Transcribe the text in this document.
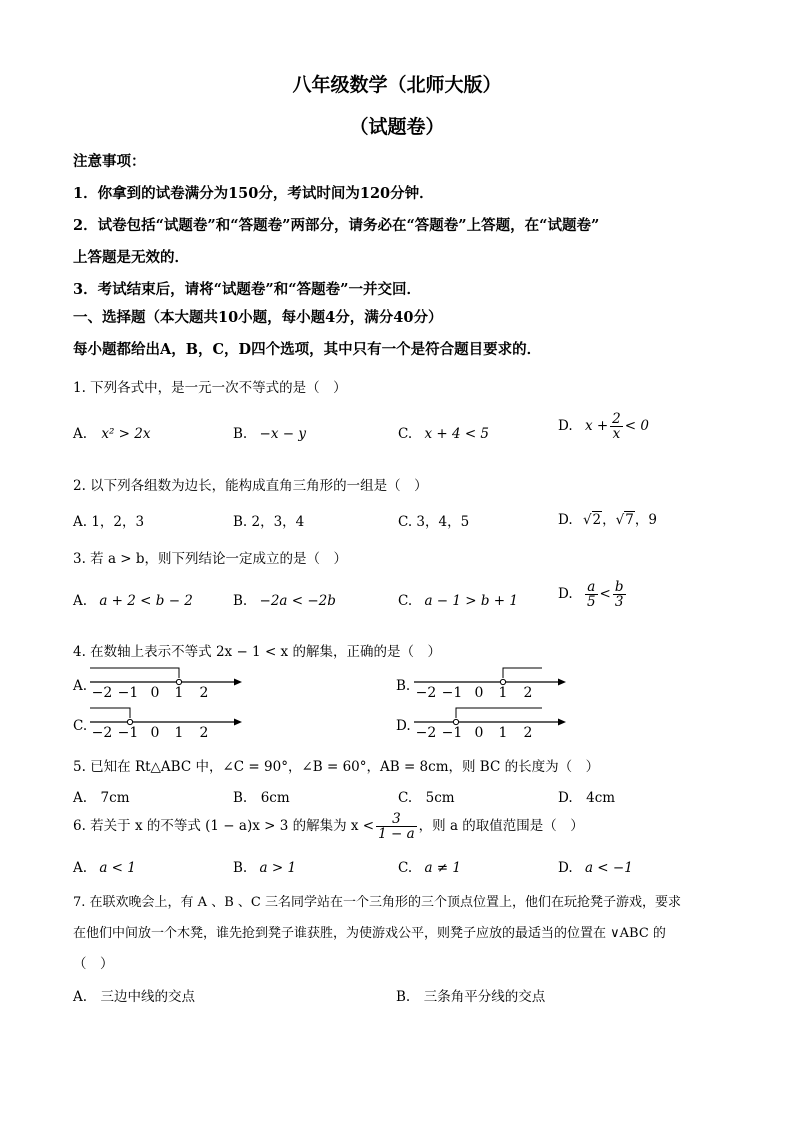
八年级数学（北师大版）
（试题卷）
注意事项：
1．你拿到的试卷满分为150分，考试时间为120分钟．
2．试卷包括“试题卷”和“答题卷”两部分，请务必在“答题卷”上答题，在“试题卷”
上答题是无效的．
3．考试结束后，请将“试题卷”和“答题卷”一并交回．
一、选择题（本大题共10小题，每小题4分，满分40分）
每小题都给出A，B，C，D四个选项，其中只有一个是符合题目要求的．
1. 下列各式中，是一元一次不等式的是（　）
A. x² > 2x	B. −x − y	C. x + 4 < 5	D. $x + \frac{2}{x} < 0$
2. 以下列各组数为边长，能构成直角三角形的一组是（　）
A. 1，2，3	B. 2，3，4	C. 3，4，5	D. √2，√7，9
3. 若 a > b，则下列结论一定成立的是（　）
A. a + 2 < b − 2	B. −2a < −2b	C. a − 1 > b + 1	D. $\frac{a}{5} < \frac{b}{3}$
4. 在数轴上表示不等式 2x − 1 < x 的解集，正确的是（　）
A. −2 −1 0 1 2	B. −2 −1 0 1 2
C. −2 −1 0 1 2	D. −2 −1 0 1 2
5. 已知在 Rt△ABC 中，∠C = 90°，∠B = 60°，AB = 8cm，则 BC 的长度为（　）
A.　7cm	B.　6cm	C.　5cm	D.　4cm
6. 若关于 x 的不等式 (1 − a)x > 3 的解集为 $x < \frac{3}{1 - a}$ ，则 a 的取值范围是（　）
A. a < 1	B. a > 1	C. a ≠ 1	D. a < −1
7. 在联欢晚会上，有 A 、B 、C 三名同学站在一个三角形的三个顶点位置上，他们在玩抢凳子游戏，要求
在他们中间放一个木凳，谁先抢到凳子谁获胜，为使游戏公平，则凳子应放的最适当的位置在 ∨ABC 的
（　）
A.　三边中线的交点	B.　三条角平分线的交点
